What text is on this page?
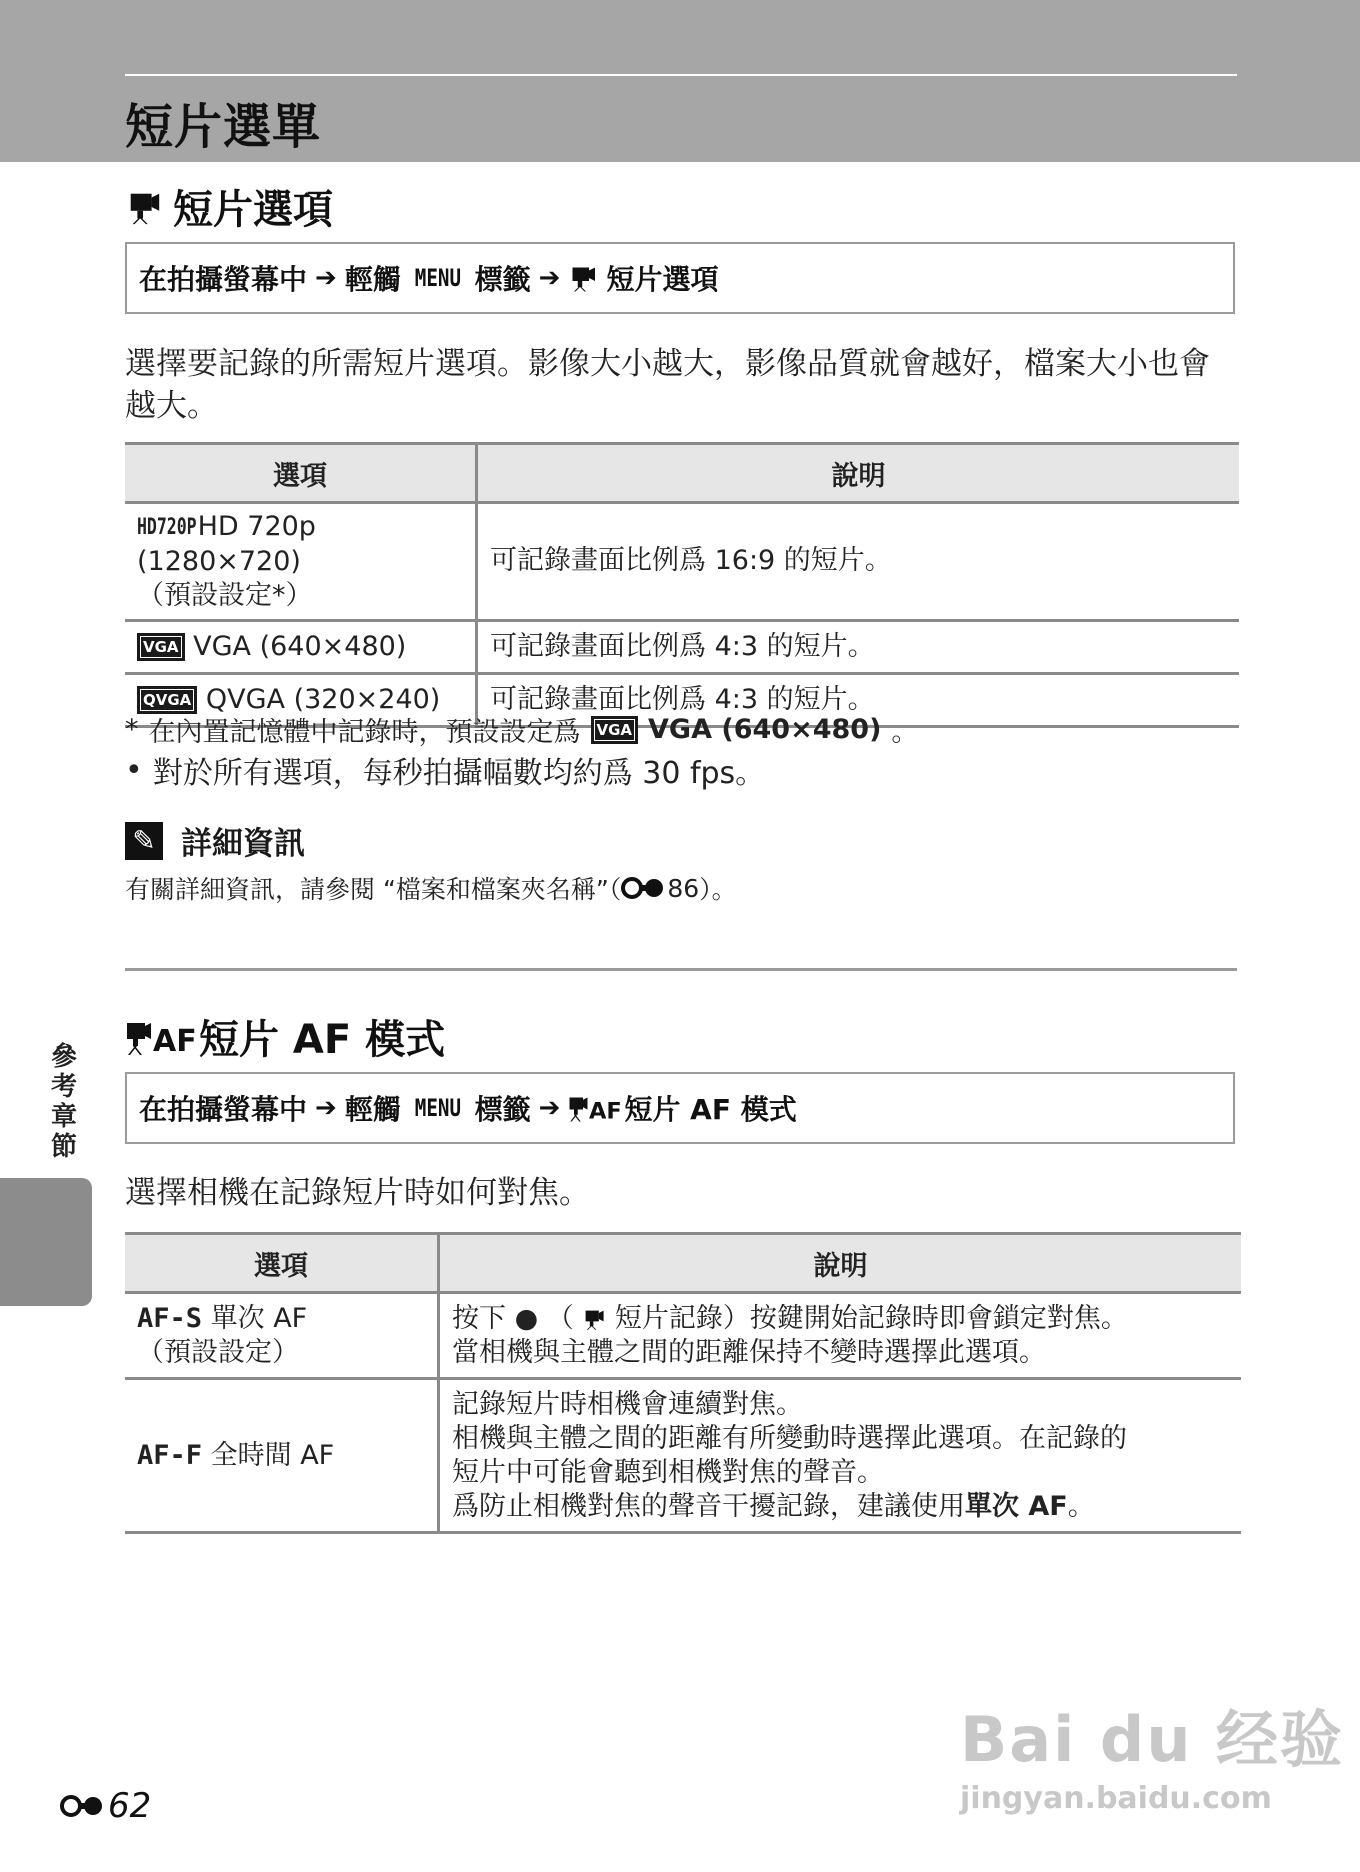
短片選單
短片選項
在拍攝螢幕中 ➔ 輕觸 MENU 標籤 ➔ 短片選項
選擇要記錄的所需短片選項。影像大小越大，影像品質就會越好，檔案大小也會越大。
選項	說明
HD720P HD 720p (1280×720)
（預設設定*）	可記錄畫面比例爲 16:9 的短片。
VGA VGA (640×480)	可記錄畫面比例爲 4:3 的短片。
QVGA QVGA (320×240)	可記錄畫面比例爲 4:3 的短片。
* 在內置記憶體中記錄時，預設設定爲	VGA VGA (640×480) 。
• 對於所有選項，每秒拍攝幅數均約爲 30 fps。
✎ 詳細資訊
有關詳細資訊，請參閱 “檔案和檔案夾名稱”（ 86 ）。
AF 短片 AF 模式
在拍攝螢幕中 ➔ 輕觸 MENU 標籤 ➔ AF 短片 AF 模式
選擇相機在記錄短片時如何對焦。
選項	說明
AF-S 單次 AF
（預設設定）	按下 ● （ 短片記錄）按鍵開始記錄時即會鎖定對焦。
當相機與主體之間的距離保持不變時選擇此選項。
AF-F 全時間 AF	記錄短片時相機會連續對焦。
相機與主體之間的距離有所變動時選擇此選項。在記錄的
短片中可能會聽到相機對焦的聲音。
爲防止相機對焦的聲音干擾記錄，建議使用單次 AF。
參考章節
62
Bai du 经验
jingyan.baidu.com
